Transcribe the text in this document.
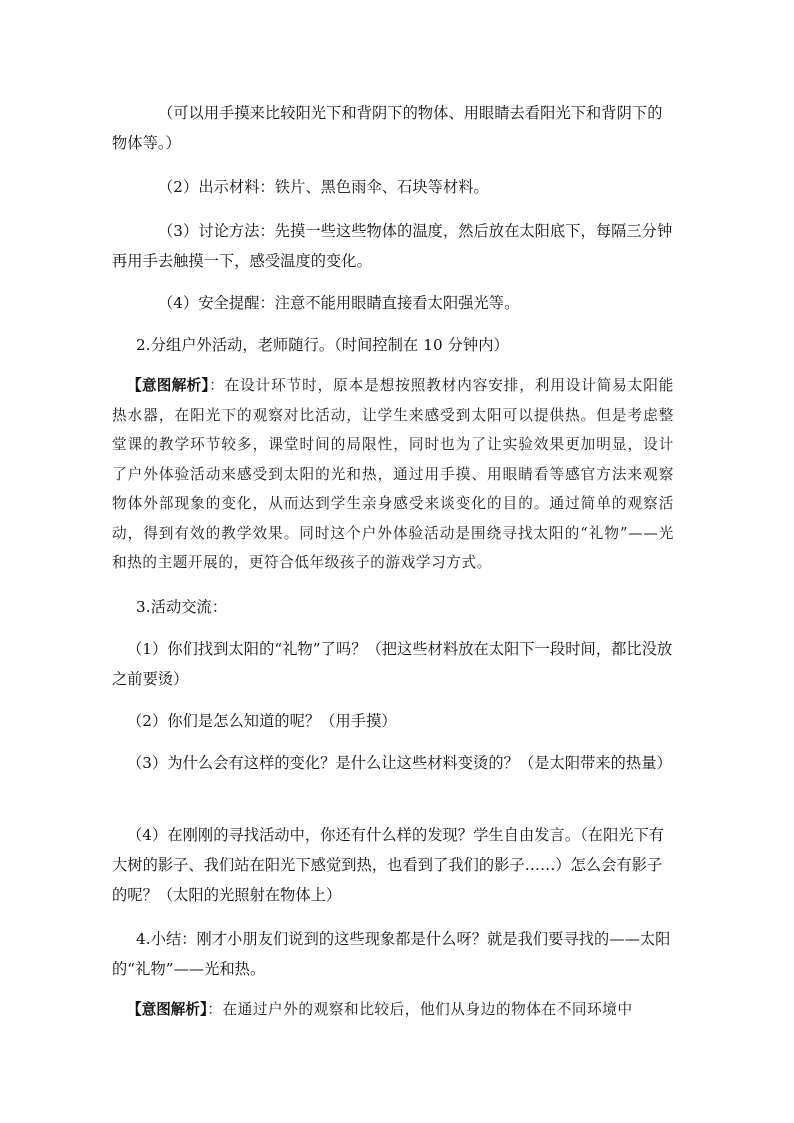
（可以用手摸来比较阳光下和背阴下的物体、用眼睛去看阳光下和背阴下的物体等。）

（2）出示材料：铁片、黑色雨伞、石块等材料。

（3）讨论方法：先摸一些这些物体的温度，然后放在太阳底下，每隔三分钟再用手去触摸一下，感受温度的变化。

（4）安全提醒：注意不能用眼睛直接看太阳强光等。

2.分组户外活动，老师随行。（时间控制在 10 分钟内）

【意图解析】：在设计环节时，原本是想按照教材内容安排，利用设计简易太阳能热水器，在阳光下的观察对比活动，让学生来感受到太阳可以提供热。但是考虑整堂课的教学环节较多，课堂时间的局限性，同时也为了让实验效果更加明显，设计了户外体验活动来感受到太阳的光和热，通过用手摸、用眼睛看等感官方法来观察物体外部现象的变化，从而达到学生亲身感受来谈变化的目的。通过简单的观察活动，得到有效的教学效果。同时这个户外体验活动是围绕寻找太阳的“礼物”——光和热的主题开展的，更符合低年级孩子的游戏学习方式。

3.活动交流：

（1）你们找到太阳的“礼物”了吗？（把这些材料放在太阳下一段时间，都比没放之前要烫）

（2）你们是怎么知道的呢？（用手摸）

（3）为什么会有这样的变化？是什么让这些材料变烫的？（是太阳带来的热量）

（4）在刚刚的寻找活动中，你还有什么样的发现？学生自由发言。（在阳光下有大树的影子、我们站在阳光下感觉到热，也看到了我们的影子……）怎么会有影子的呢？（太阳的光照射在物体上）

4.小结：刚才小朋友们说到的这些现象都是什么呀？就是我们要寻找的——太阳的“礼物”——光和热。

【意图解析】：在通过户外的观察和比较后，他们从身边的物体在不同环境中
